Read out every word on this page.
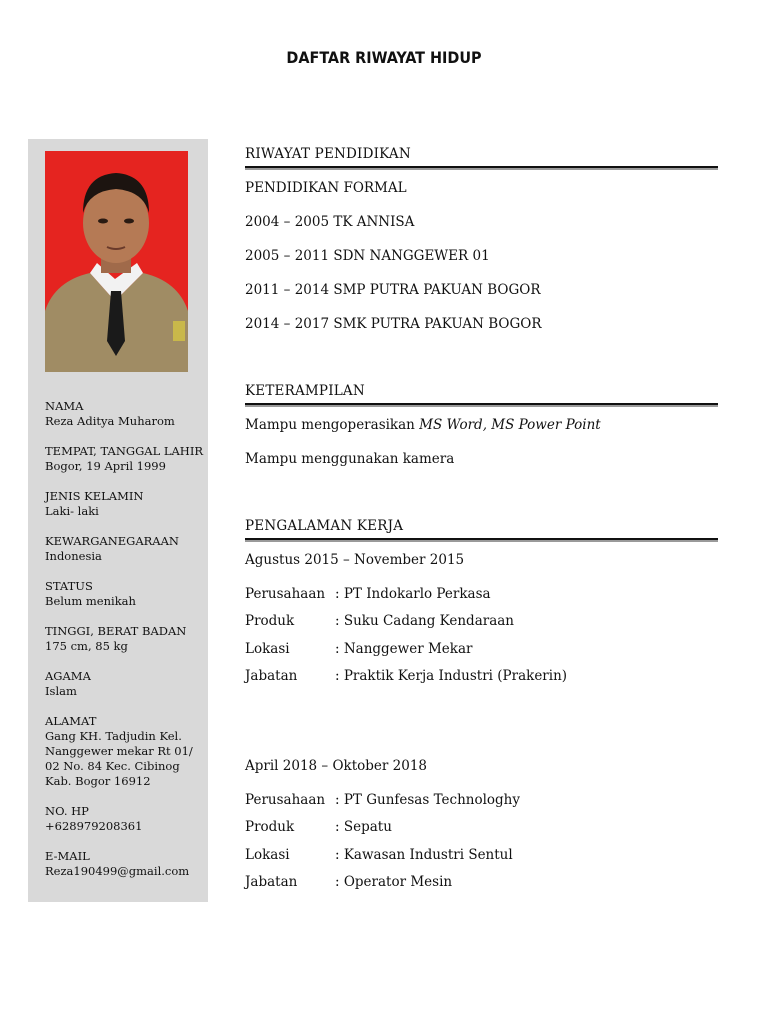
DAFTAR RIWAYAT HIDUP
NAMA
Reza Aditya Muharom
TEMPAT, TANGGAL LAHIR
Bogor, 19 April 1999
JENIS KELAMIN
Laki- laki
KEWARGANEGARAAN
Indonesia
STATUS
Belum menikah
TINGGI, BERAT BADAN
175 cm, 85 kg
AGAMA
Islam
ALAMAT
Gang KH. Tadjudin Kel.
Nanggewer mekar Rt 01/
02 No. 84 Kec. Cibinog
Kab. Bogor 16912
NO. HP
+628979208361
E-MAIL
Reza190499@gmail.com
RIWAYAT PENDIDIKAN
PENDIDIKAN FORMAL
2004 – 2005 TK ANNISA
2005 – 2011 SDN NANGGEWER 01
2011 – 2014 SMP PUTRA PAKUAN BOGOR
2014 – 2017 SMK PUTRA PAKUAN BOGOR
KETERAMPILAN
Mampu mengoperasikan MS Word, MS Power Point
Mampu menggunakan kamera
PENGALAMAN KERJA
Agustus 2015 – November 2015
Perusahaan : PT Indokarlo Perkasa
Produk	: Suku Cadang Kendaraan
Lokasi	: Nanggewer Mekar
Jabatan	: Praktik Kerja Industri (Prakerin)
April 2018 – Oktober 2018
Perusahaan : PT Gunfesas Technologhy
Produk	: Sepatu
Lokasi	: Kawasan Industri Sentul
Jabatan	: Operator Mesin
